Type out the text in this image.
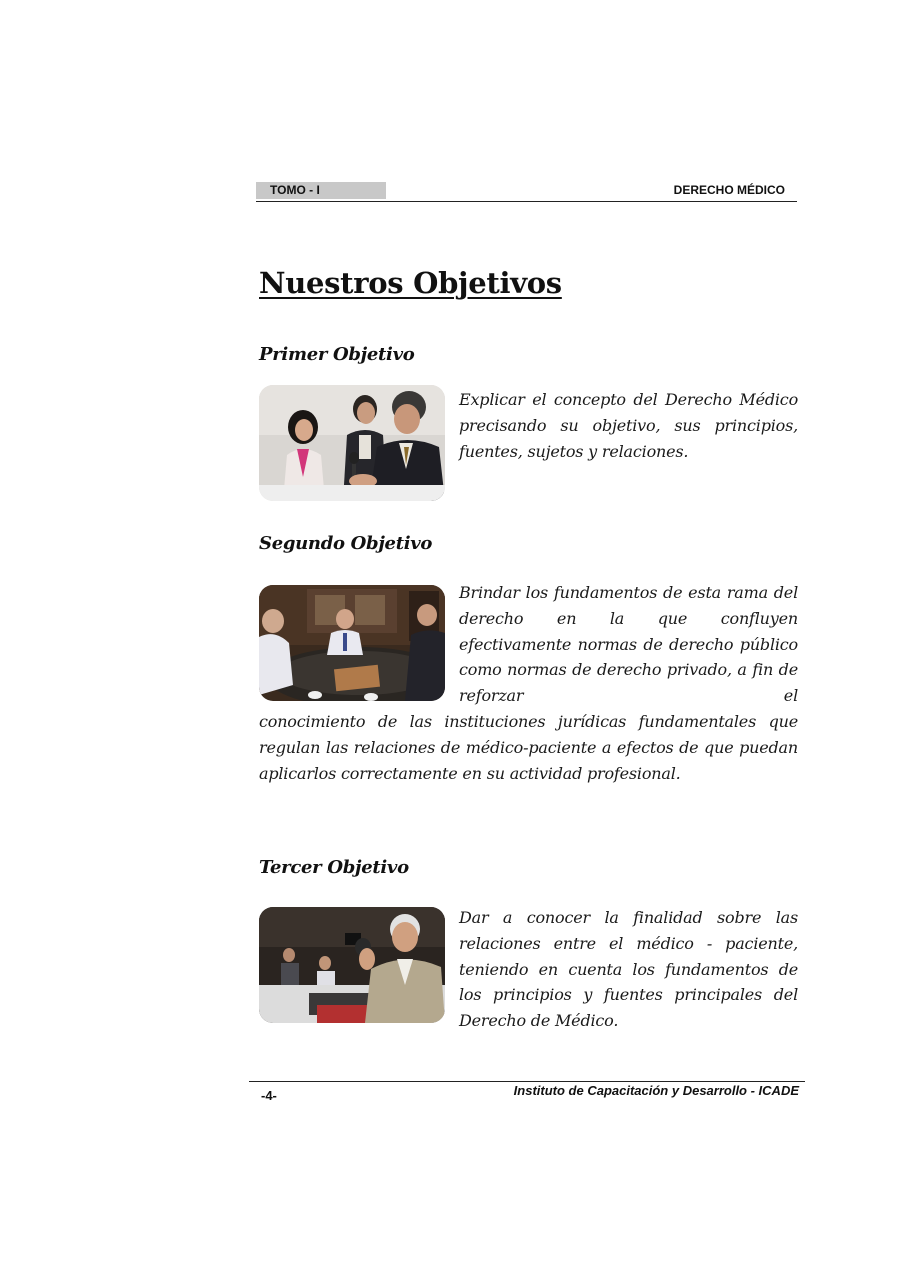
TOMO - I	DERECHO MÉDICO
Nuestros Objetivos
Primer Objetivo

Explicar el concepto del Derecho Médico precisando su objetivo, sus principios, fuentes, sujetos y relaciones.

Segundo Objetivo

Brindar los fundamentos de esta rama del derecho en la que confluyen efectivamente normas de derecho público como normas de derecho privado, a fin de reforzar el

conocimiento de las instituciones jurídicas fundamentales que regulan las relaciones de médico-paciente a efectos de que puedan aplicarlos correctamente en su actividad profesional.

Tercer Objetivo

Dar a conocer la finalidad sobre las relaciones entre el médico - paciente, teniendo en cuenta los fundamentos de los principios y fuentes principales del Derecho de Médico.

-4-	Instituto de Capacitación y Desarrollo - ICADE
